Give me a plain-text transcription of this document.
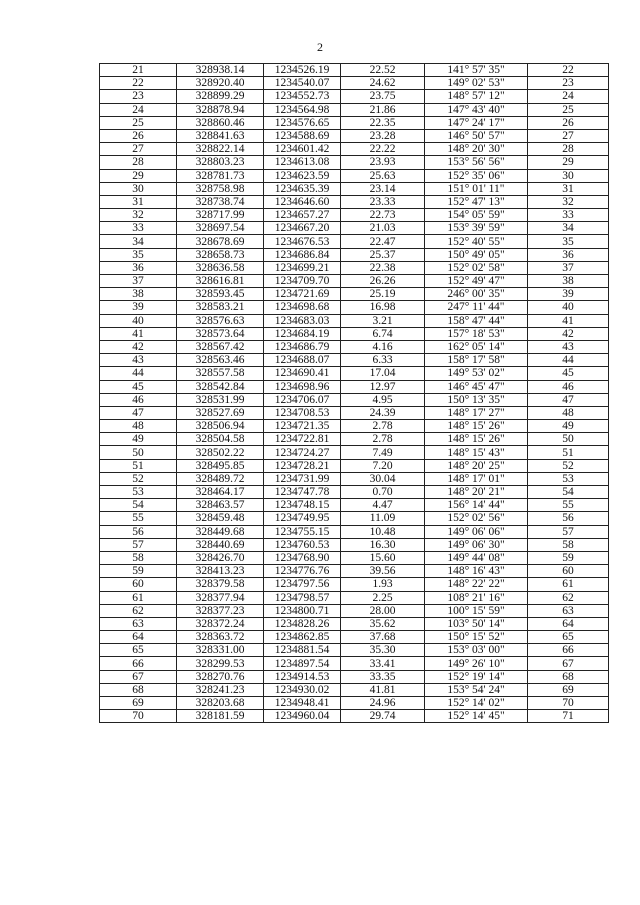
2
21	328938.14	1234526.19	22.52	141° 57' 35"	22
22	328920.40	1234540.07	24.62	149° 02' 53"	23
23	328899.29	1234552.73	23.75	148° 57' 12"	24
24	328878.94	1234564.98	21.86	147° 43' 40"	25
25	328860.46	1234576.65	22.35	147° 24' 17"	26
26	328841.63	1234588.69	23.28	146° 50' 57"	27
27	328822.14	1234601.42	22.22	148° 20' 30"	28
28	328803.23	1234613.08	23.93	153° 56' 56"	29
29	328781.73	1234623.59	25.63	152° 35' 06"	30
30	328758.98	1234635.39	23.14	151° 01' 11"	31
31	328738.74	1234646.60	23.33	152° 47' 13"	32
32	328717.99	1234657.27	22.73	154° 05' 59"	33
33	328697.54	1234667.20	21.03	153° 39' 59"	34
34	328678.69	1234676.53	22.47	152° 40' 55"	35
35	328658.73	1234686.84	25.37	150° 49' 05"	36
36	328636.58	1234699.21	22.38	152° 02' 58"	37
37	328616.81	1234709.70	26.26	152° 49' 47"	38
38	328593.45	1234721.69	25.19	246° 00' 35"	39
39	328583.21	1234698.68	16.98	247° 11' 44"	40
40	328576.63	1234683.03	3.21	158° 47' 44"	41
41	328573.64	1234684.19	6.74	157° 18' 53"	42
42	328567.42	1234686.79	4.16	162° 05' 14"	43
43	328563.46	1234688.07	6.33	158° 17' 58"	44
44	328557.58	1234690.41	17.04	149° 53' 02"	45
45	328542.84	1234698.96	12.97	146° 45' 47"	46
46	328531.99	1234706.07	4.95	150° 13' 35"	47
47	328527.69	1234708.53	24.39	148° 17' 27"	48
48	328506.94	1234721.35	2.78	148° 15' 26"	49
49	328504.58	1234722.81	2.78	148° 15' 26"	50
50	328502.22	1234724.27	7.49	148° 15' 43"	51
51	328495.85	1234728.21	7.20	148° 20' 25"	52
52	328489.72	1234731.99	30.04	148° 17' 01"	53
53	328464.17	1234747.78	0.70	148° 20' 21"	54
54	328463.57	1234748.15	4.47	156° 14' 44"	55
55	328459.48	1234749.95	11.09	152° 02' 56"	56
56	328449.68	1234755.15	10.48	149° 06' 06"	57
57	328440.69	1234760.53	16.30	149° 06' 30"	58
58	328426.70	1234768.90	15.60	149° 44' 08"	59
59	328413.23	1234776.76	39.56	148° 16' 43"	60
60	328379.58	1234797.56	1.93	148° 22' 22"	61
61	328377.94	1234798.57	2.25	108° 21' 16"	62
62	328377.23	1234800.71	28.00	100° 15' 59"	63
63	328372.24	1234828.26	35.62	103° 50' 14"	64
64	328363.72	1234862.85	37.68	150° 15' 52"	65
65	328331.00	1234881.54	35.30	153° 03' 00"	66
66	328299.53	1234897.54	33.41	149° 26' 10"	67
67	328270.76	1234914.53	33.35	152° 19' 14"	68
68	328241.23	1234930.02	41.81	153° 54' 24"	69
69	328203.68	1234948.41	24.96	152° 14' 02"	70
70	328181.59	1234960.04	29.74	152° 14' 45"	71
